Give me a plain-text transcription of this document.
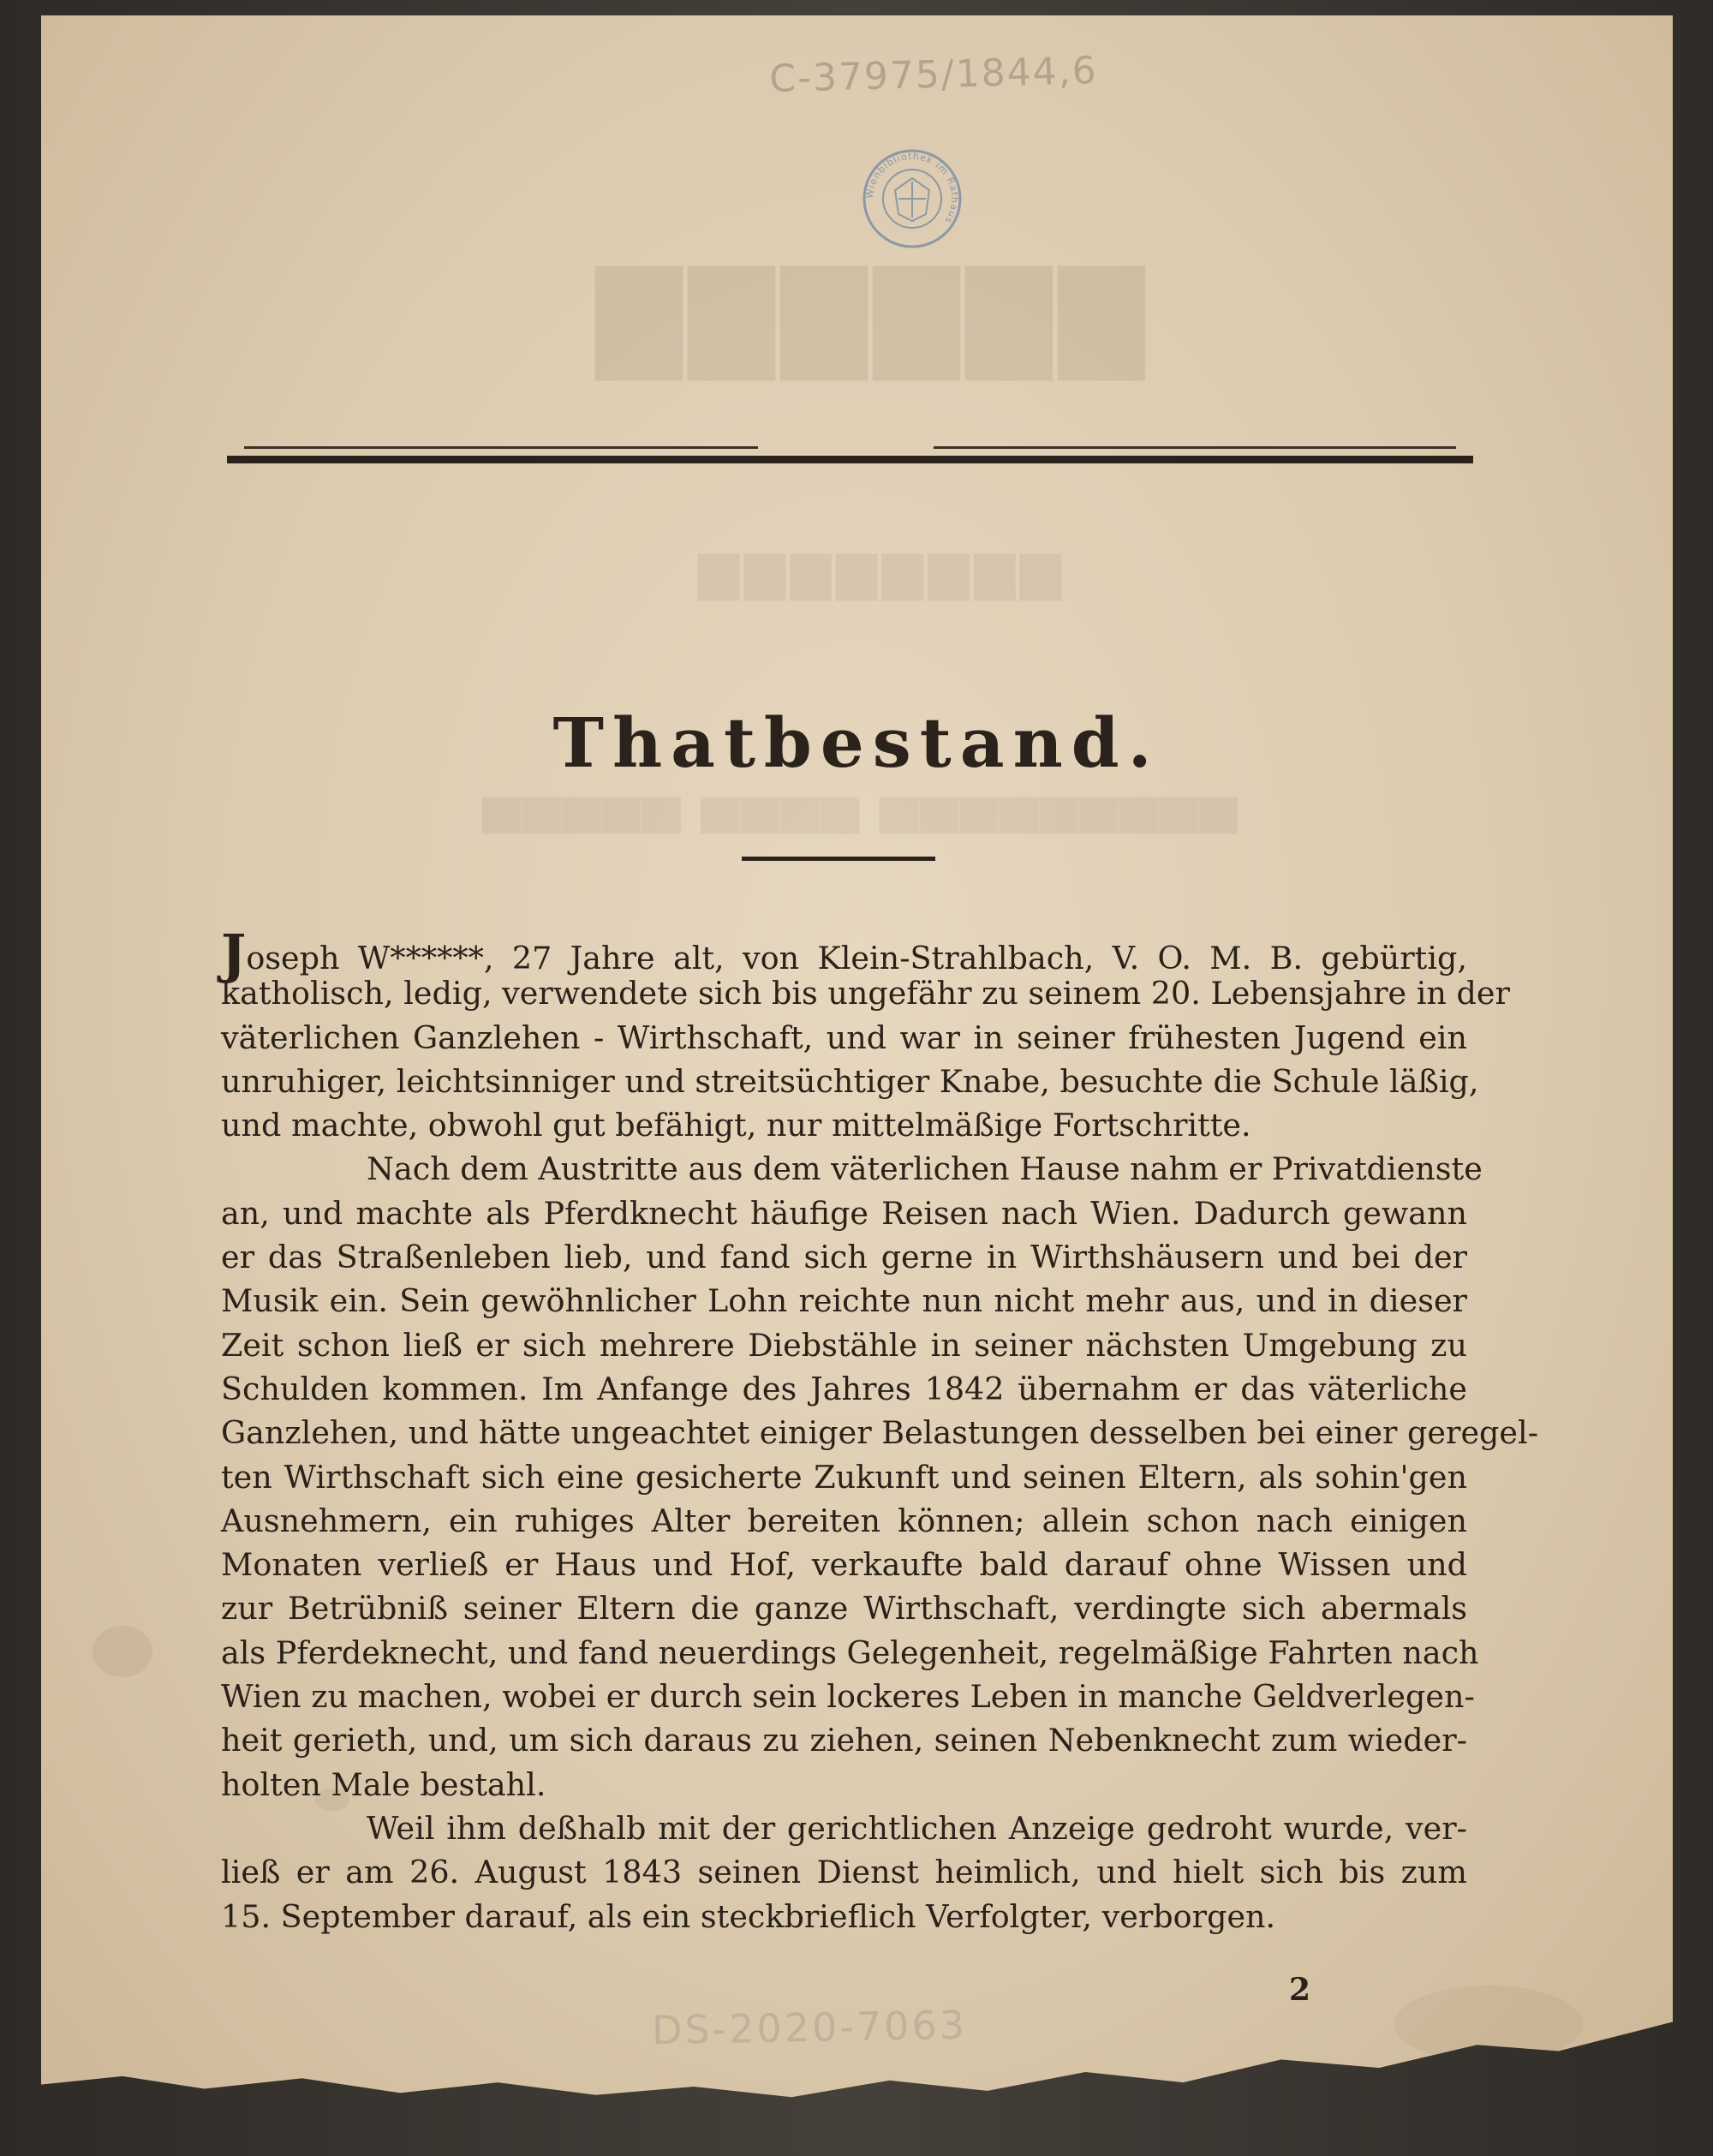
C-37975/1844,6
Wienbibliothek im Rathaus
▇▇▇▇▇▇
▆▆▆▆▆▆▆▆
▅▅▅▅▅ ▅▅▅▅ ▅▅▅▅▅▅▅▅▅
Thatbestand.
Joseph W******, 27 Jahre alt, von Klein-Strahlbach, V. O. M. B. gebürtig,
katholisch, ledig, verwendete sich bis ungefähr zu seinem 20. Lebensjahre in der
väterlichen Ganzlehen - Wirthschaft, und war in seiner frühesten Jugend ein
unruhiger, leichtsinniger und streitsüchtiger Knabe, besuchte die Schule läßig,
und machte, obwohl gut befähigt, nur mittelmäßige Fortschritte.
Nach dem Austritte aus dem väterlichen Hause nahm er Privatdienste
an, und machte als Pferdknecht häufige Reisen nach Wien. Dadurch gewann
er das Straßenleben lieb, und fand sich gerne in Wirthshäusern und bei der
Musik ein. Sein gewöhnlicher Lohn reichte nun nicht mehr aus, und in dieser
Zeit schon ließ er sich mehrere Diebstähle in seiner nächsten Umgebung zu
Schulden kommen. Im Anfange des Jahres 1842 übernahm er das väterliche
Ganzlehen, und hätte ungeachtet einiger Belastungen desselben bei einer geregel-
ten Wirthschaft sich eine gesicherte Zukunft und seinen Eltern, als sohin'gen
Ausnehmern, ein ruhiges Alter bereiten können; allein schon nach einigen
Monaten verließ er Haus und Hof, verkaufte bald darauf ohne Wissen und
zur Betrübniß seiner Eltern die ganze Wirthschaft, verdingte sich abermals
als Pferdeknecht, und fand neuerdings Gelegenheit, regelmäßige Fahrten nach
Wien zu machen, wobei er durch sein lockeres Leben in manche Geldverlegen-
heit gerieth, und, um sich daraus zu ziehen, seinen Nebenknecht zum wieder-
holten Male bestahl.
Weil ihm deßhalb mit der gerichtlichen Anzeige gedroht wurde, ver-
ließ er am 26. August 1843 seinen Dienst heimlich, und hielt sich bis zum
15. September darauf, als ein steckbrieflich Verfolgter, verborgen.
2
DS-2020-7063
